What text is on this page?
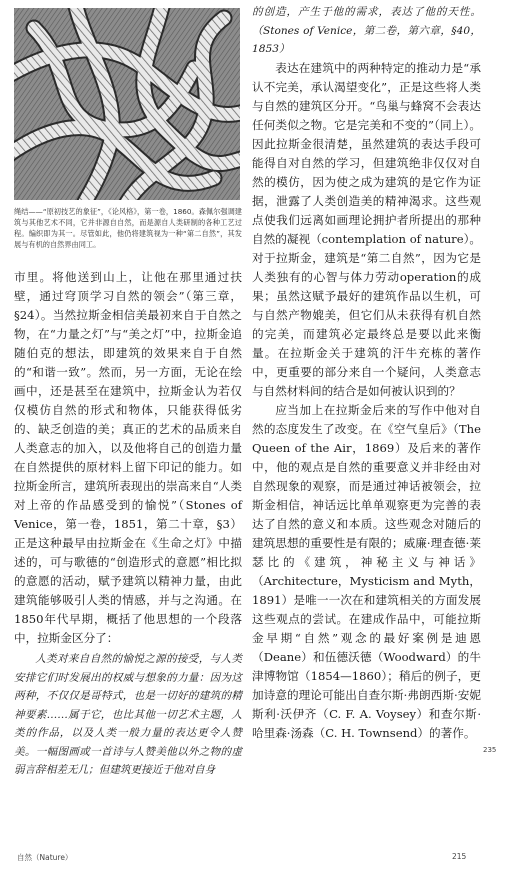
绳结——“原初技艺的象征”，《论风格》，第一卷，1860。森佩尔强调建筑与其他艺术不同，它并非源自自然，而是源自人类研制的各种工艺过程。编织即为其一。尽管如此，他仍将建筑视为一种“第二自然”，其发展与有机的自然界由同工。

市里。将他送到山上，让他在那里通过扶壁，通过穹顶学习自然的领会”（第三章，§24）。当然拉斯金相信美最初来自于自然之物，在“力量之灯”与“美之灯”中，拉斯金追随伯克的想法，即建筑的效果来自于自然的“和谐一致”。然而，另一方面，无论在绘画中，还是甚至在建筑中，拉斯金认为若仅仅模仿自然的形式和物体，只能获得低劣的、缺乏创造的美；真正的艺术的品质来自人类意志的加入，以及他将自己的创造力量在自然提供的原材料上留下印记的能力。如拉斯金所言，建筑所表现出的崇高来自“人类对上帝的作品感受到的愉悦”（Stones of Venice，第一卷，1851，第二十章，§3）正是这种最早由拉斯金在《生命之灯》中描述的，可与歌德的“创造形式的意愿”相比拟的意愿的活动，赋予建筑以精神力量，由此建筑能够吸引人类的情感，并与之沟通。在1850年代早期，概括了他思想的一个段落中，拉斯金区分了：

人类对来自自然的愉悦之源的接受，与人类安排它们时发展出的权威与想象的力量：因为这两种，不仅仅是哥特式，也是一切好的建筑的精神要素……属于它，也比其他一切艺术主题，人类的作品，以及人类一般力量的表达更令人赞美。一幅图画或一首诗与人赞美他以外之物的虚弱言辞相差无几；但建筑更接近于他对自身

的创造，产生于他的需求，表达了他的天性。（Stones of Venice，第二卷，第六章，§40，1853）

表达在建筑中的两种特定的推动力是“承认不完美，承认渴望变化”，正是这些将人类与自然的建筑区分开。“鸟巢与蜂窝不会表达任何类似之物。它是完美和不变的”（同上）。因此拉斯金很清楚，虽然建筑的表达手段可能得自对自然的学习，但建筑绝非仅仅对自然的模仿，因为使之成为建筑的是它作为证据，泄露了人类创造美的精神渴求。这些观点使我们远离如画理论拥护者所提出的那种自然的凝视（contemplation of nature）。对于拉斯金，建筑是“第二自然”，因为它是人类独有的心智与体力劳动operation的成果；虽然这赋予最好的建筑作品以生机，可与自然产物媲美，但它们从未获得有机自然的完美，而建筑必定最终总是要以此来衡量。在拉斯金关于建筑的汗牛充栋的著作中，更重要的部分来自一个疑问，人类意志与自然材料间的结合是如何被认识到的？

应当加上在拉斯金后来的写作中他对自然的态度发生了改变。在《空气皇后》（The Queen of the Air，1869）及后来的著作中，他的观点是自然的重要意义并非经由对自然现象的观察，而是通过神话被领会，拉斯金相信，神话远比单单观察更为完善的表达了自然的意义和本质。这些观念对随后的建筑思想的重要性是有限的；威廉·理查德·莱瑟比的《建筑，神秘主义与神话》（Architecture，Mysticism and Myth，1891）是唯一一次在和建筑相关的方面发展这些观点的尝试。在建成作品中，可能拉斯金早期“自然”观念的最好案例是迪恩（Deane）和伍德沃德（Woodward）的牛津博物馆（1854—1860）；稍后的例子，更加诗意的理论可能出自查尔斯·弗朗西斯·安妮斯利·沃伊齐（C. F. A. Voysey）和查尔斯·哈里森·汤森（C. H. Townsend）的著作。

235
自然（Nature）	215
